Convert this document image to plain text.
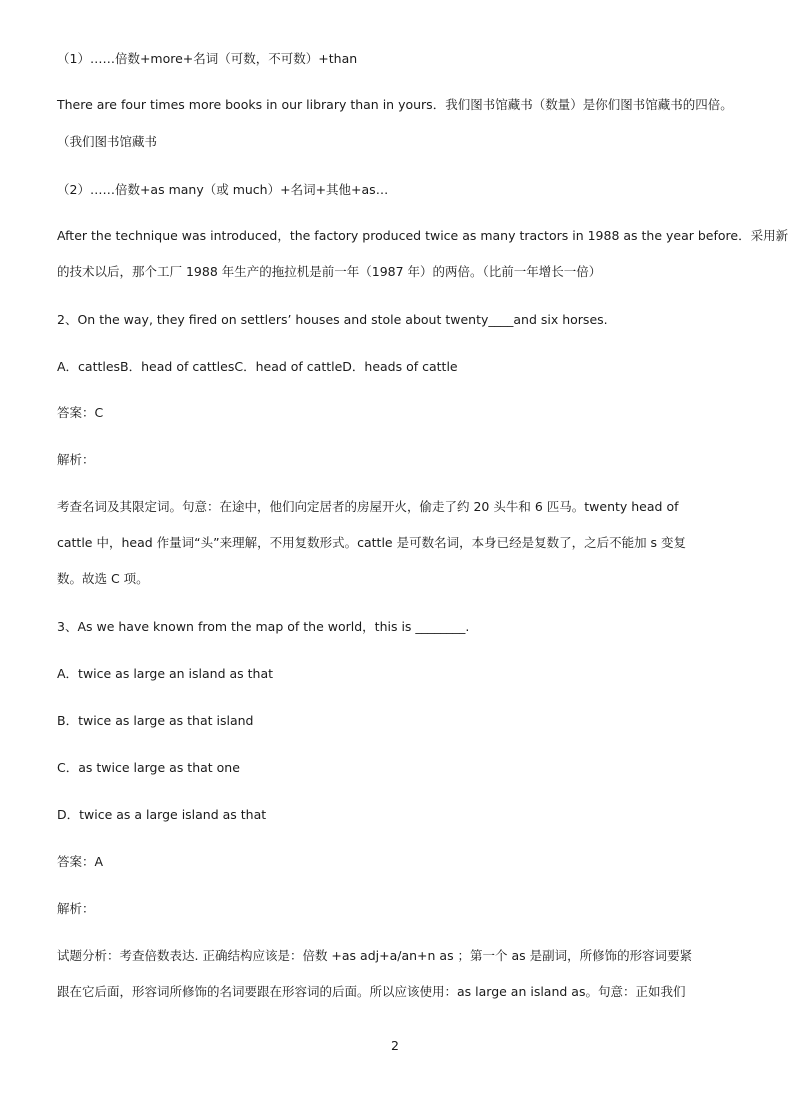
（1）……倍数+more+名词（可数，不可数）+than
There are four times more books in our library than in yours．我们图书馆藏书（数量）是你们图书馆藏书的四倍。
（我们图书馆藏书
（2）……倍数+as many（或 much）+名词+其他+as…
After the technique was introduced，the factory produced twice as many tractors in 1988 as the year before．采用新
的技术以后，那个工厂 1988 年生产的拖拉机是前一年（1987 年）的两倍。（比前一年增长一倍）
2、On the way, they fired on settlers’ houses and stole about twenty____and six horses.
A．cattlesB．head of cattlesC．head of cattleD．heads of cattle
答案：C
解析：
考查名词及其限定词。句意：在途中，他们向定居者的房屋开火，偷走了约 20 头牛和 6 匹马。twenty head of
cattle 中，head 作量词“头”来理解，不用复数形式。cattle 是可数名词，本身已经是复数了，之后不能加 s 变复
数。故选 C 项。
3、As we have known from the map of the world，this is ________.
A．twice as large an island as that
B．twice as large as that island
C．as twice large as that one
D．twice as a large island as that
答案：A
解析：
试题分析：考查倍数表达. 正确结构应该是：倍数 +as adj+a/an+n as ；第一个 as 是副词，所修饰的形容词要紧
跟在它后面，形容词所修饰的名词要跟在形容词的后面。所以应该使用：as large an island as。句意：正如我们
2
